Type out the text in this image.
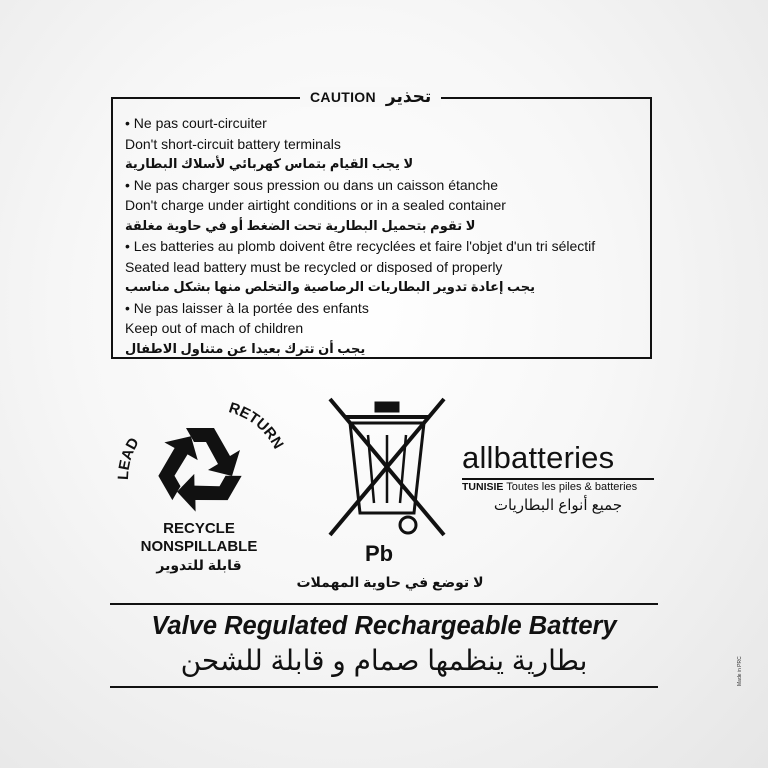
CAUTION تحذير
• Ne pas court-circuiter
Don't short-circuit battery terminals
لا يجب القيام بتماس كهربائي لأسلاك البطارية
• Ne pas charger sous pression ou dans un caisson étanche
Don't charge under airtight conditions or in a sealed container
لا تقوم بتحميل البطارية تحت الضغط أو في حاوية مغلقة
• Les batteries au plomb doivent être recyclées et faire l'objet d'un tri sélectif
Seated lead battery must be recycled or disposed of properly
يجب إعادة تدوير البطاريات الرصاصية والتخلص منها بشكل مناسب
• Ne pas laisser à la portée des enfants
Keep out of mach of children
يجب أن تترك بعيدا عن متناول الاطفال
LEAD
RETURN
RECYCLE
NONSPILLABLE
قابلة للتدوير	Pb
لا توضع في حاوية المهملات
allbatteries
TUNISIE Toutes les piles & batteries
جميع أنواع البطاريات
Valve Regulated Rechargeable Battery
بطارية ينظمها صمام و قابلة للشحن	Made in PRC
